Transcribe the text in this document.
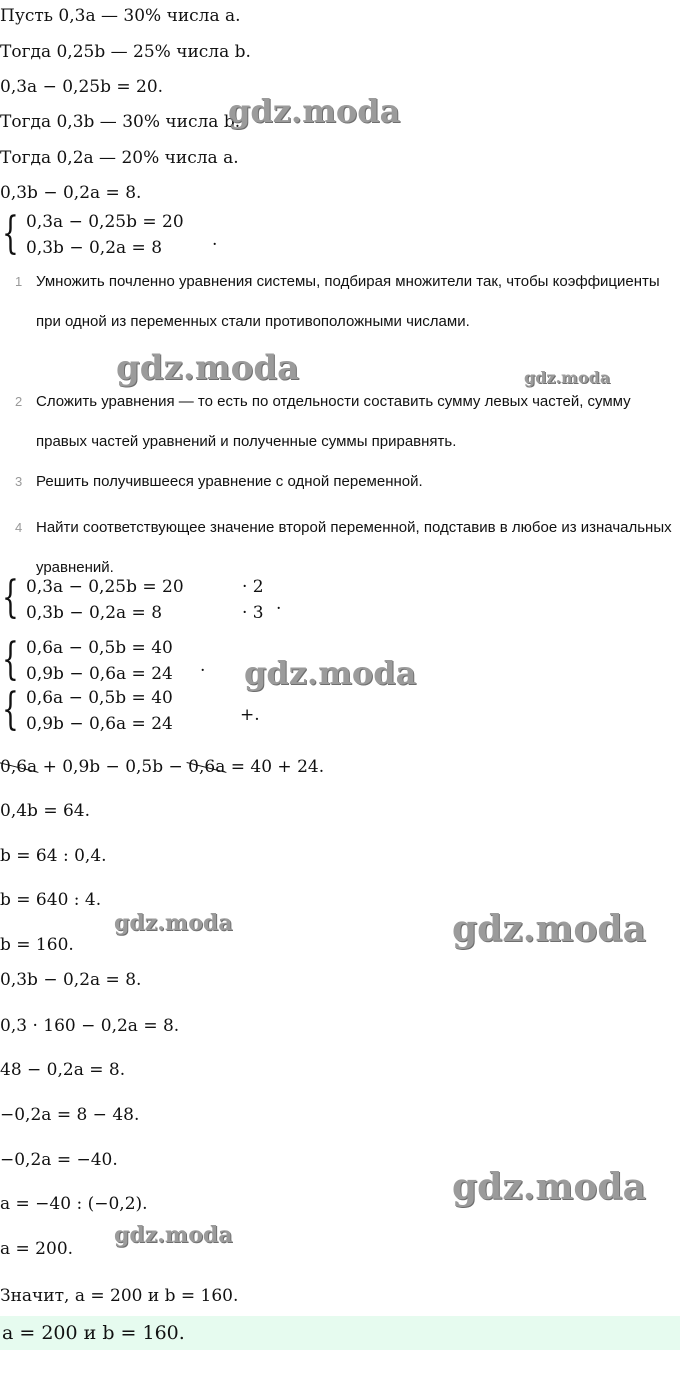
Пусть 0,3a — 30% числа a.
Тогда 0,25b — 25% числа b.
0,3a − 0,25b = 20.
Тогда 0,3b — 30% числа b.
Тогда 0,2a — 20% числа a.
0,3b − 0,2a = 8.
{ 0,3a − 0,25b = 20
0,3b − 0,2a = 8	.
1 Умножить почленно уравнения системы, подбирая множители так, чтобы коэффициенты при одной из переменных стали противоположными числами.
2 Сложить уравнения — то есть по отдельности составить сумму левых частей, сумму правых частей уравнений и полученные суммы приравнять.
3 Решить получившееся уравнение с одной переменной.
4 Найти соответствующее значение второй переменной, подставив в любое из изначальных уравнений.
{ 0,3a − 0,25b = 20
0,3b − 0,2a = 8
· 2
· 3 .
{ 0,6a − 0,5b = 40
0,9b − 0,6a = 24 .
{ 0,6a − 0,5b = 40
0,9b − 0,6a = 24	+.
0,6a + 0,9b − 0,5b − 0,6a = 40 + 24.
0,4b = 64.
b = 64 : 0,4.
b = 640 : 4.
b = 160.
0,3b − 0,2a = 8.
0,3 · 160 − 0,2a = 8.
48 − 0,2a = 8.
−0,2a = 8 − 48.
−0,2a = −40.
a = −40 : (−0,2).
a = 200.
Значит, a = 200 и b = 160.
a = 200 и b = 160.
gdz.moda
gdz.moda	gdz.moda
gdz.moda
gdz.moda	gdz.moda
gdz.moda
gdz.moda
